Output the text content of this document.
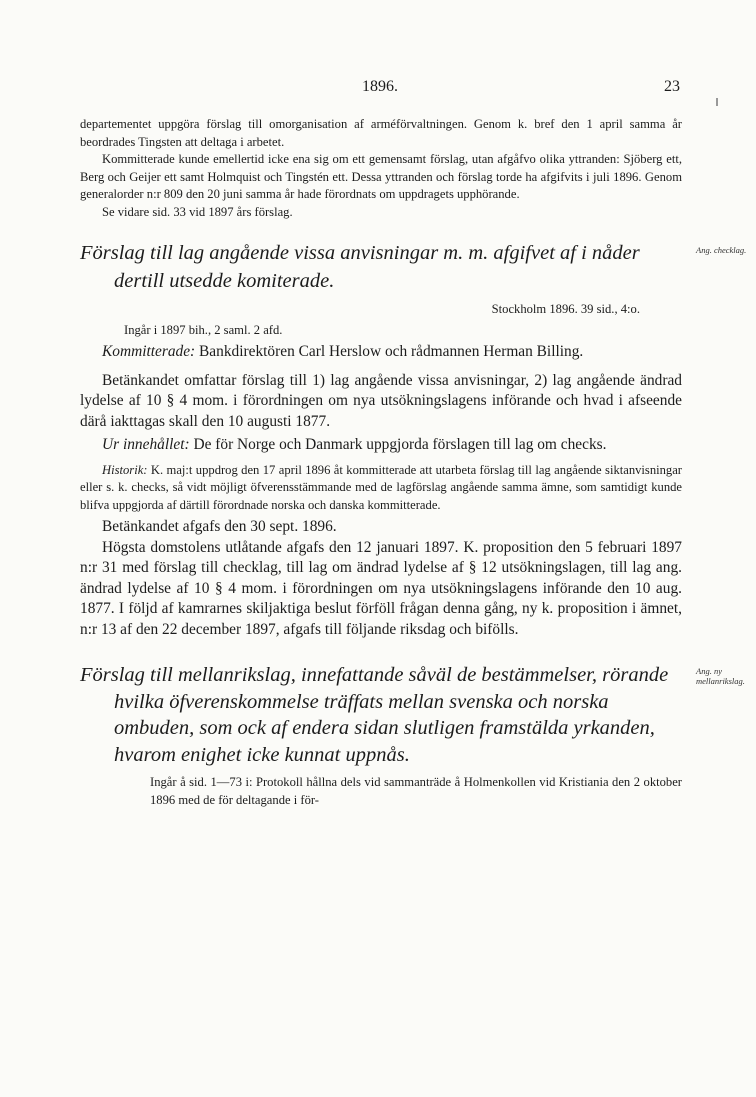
1896.	23

departementet uppgöra förslag till omorganisation af arméförvaltningen. Genom k. bref den 1 april samma år beordrades Tingsten att deltaga i arbetet.

Kommitterade kunde emellertid icke ena sig om ett gemensamt förslag, utan afgåfvo olika yttranden: Sjöberg ett, Berg och Geijer ett samt Holmquist och Tingstén ett. Dessa yttranden och förslag torde ha afgifvits i juli 1896. Genom generalorder n:r 809 den 20 juni samma år hade förordnats om uppdragets upphörande.

Se vidare sid. 33 vid 1897 års förslag.

Förslag till lag angående vissa anvisningar m. m. afgifvet af i nåder dertill utsedde komiterade.
Ang. checklag.

Stockholm 1896. 39 sid., 4:o.

Ingår i 1897 bih., 2 saml. 2 afd.

Kommitterade: Bankdirektören Carl Herslow och rådmannen Herman Billing.

Betänkandet omfattar förslag till 1) lag angående vissa anvisningar, 2) lag angående ändrad lydelse af 10 § 4 mom. i förordningen om nya utsökningslagens införande och hvad i afseende därå iakttagas skall den 10 augusti 1877.

Ur innehållet: De för Norge och Danmark uppgjorda förslagen till lag om checks.

Historik: K. maj:t uppdrog den 17 april 1896 åt kommitterade att utarbeta förslag till lag angående siktanvisningar eller s. k. checks, så vidt möjligt öfverensstämmande med de lagförslag angående samma ämne, som samtidigt kunde blifva uppgjorda af därtill förordnade norska och danska kommitterade.

Betänkandet afgafs den 30 sept. 1896.

Högsta domstolens utlåtande afgafs den 12 januari 1897. K. proposition den 5 februari 1897 n:r 31 med förslag till checklag, till lag om ändrad lydelse af § 12 utsökningslagen, till lag ang. ändrad lydelse af 10 § 4 mom. i förordningen om nya utsökningslagens införande den 10 aug. 1877. I följd af kamrarnes skiljaktiga beslut förföll frågan denna gång, ny k. proposition i ämnet, n:r 13 af den 22 december 1897, afgafs till följande riksdag och bifölls.

Förslag till mellanrikslag, innefattande såväl de bestämmelser, rörande hvilka öfverenskommelse träffats mellan svenska och norska ombuden, som ock af endera sidan slutligen framstälda yrkanden, hvarom enighet icke kunnat uppnås.
Ang. ny mellanrikslag.

Ingår å sid. 1—73 i: Protokoll hållna dels vid sammanträde å Holmenkollen vid Kristiania den 2 oktober 1896 med de för deltagande i för-
